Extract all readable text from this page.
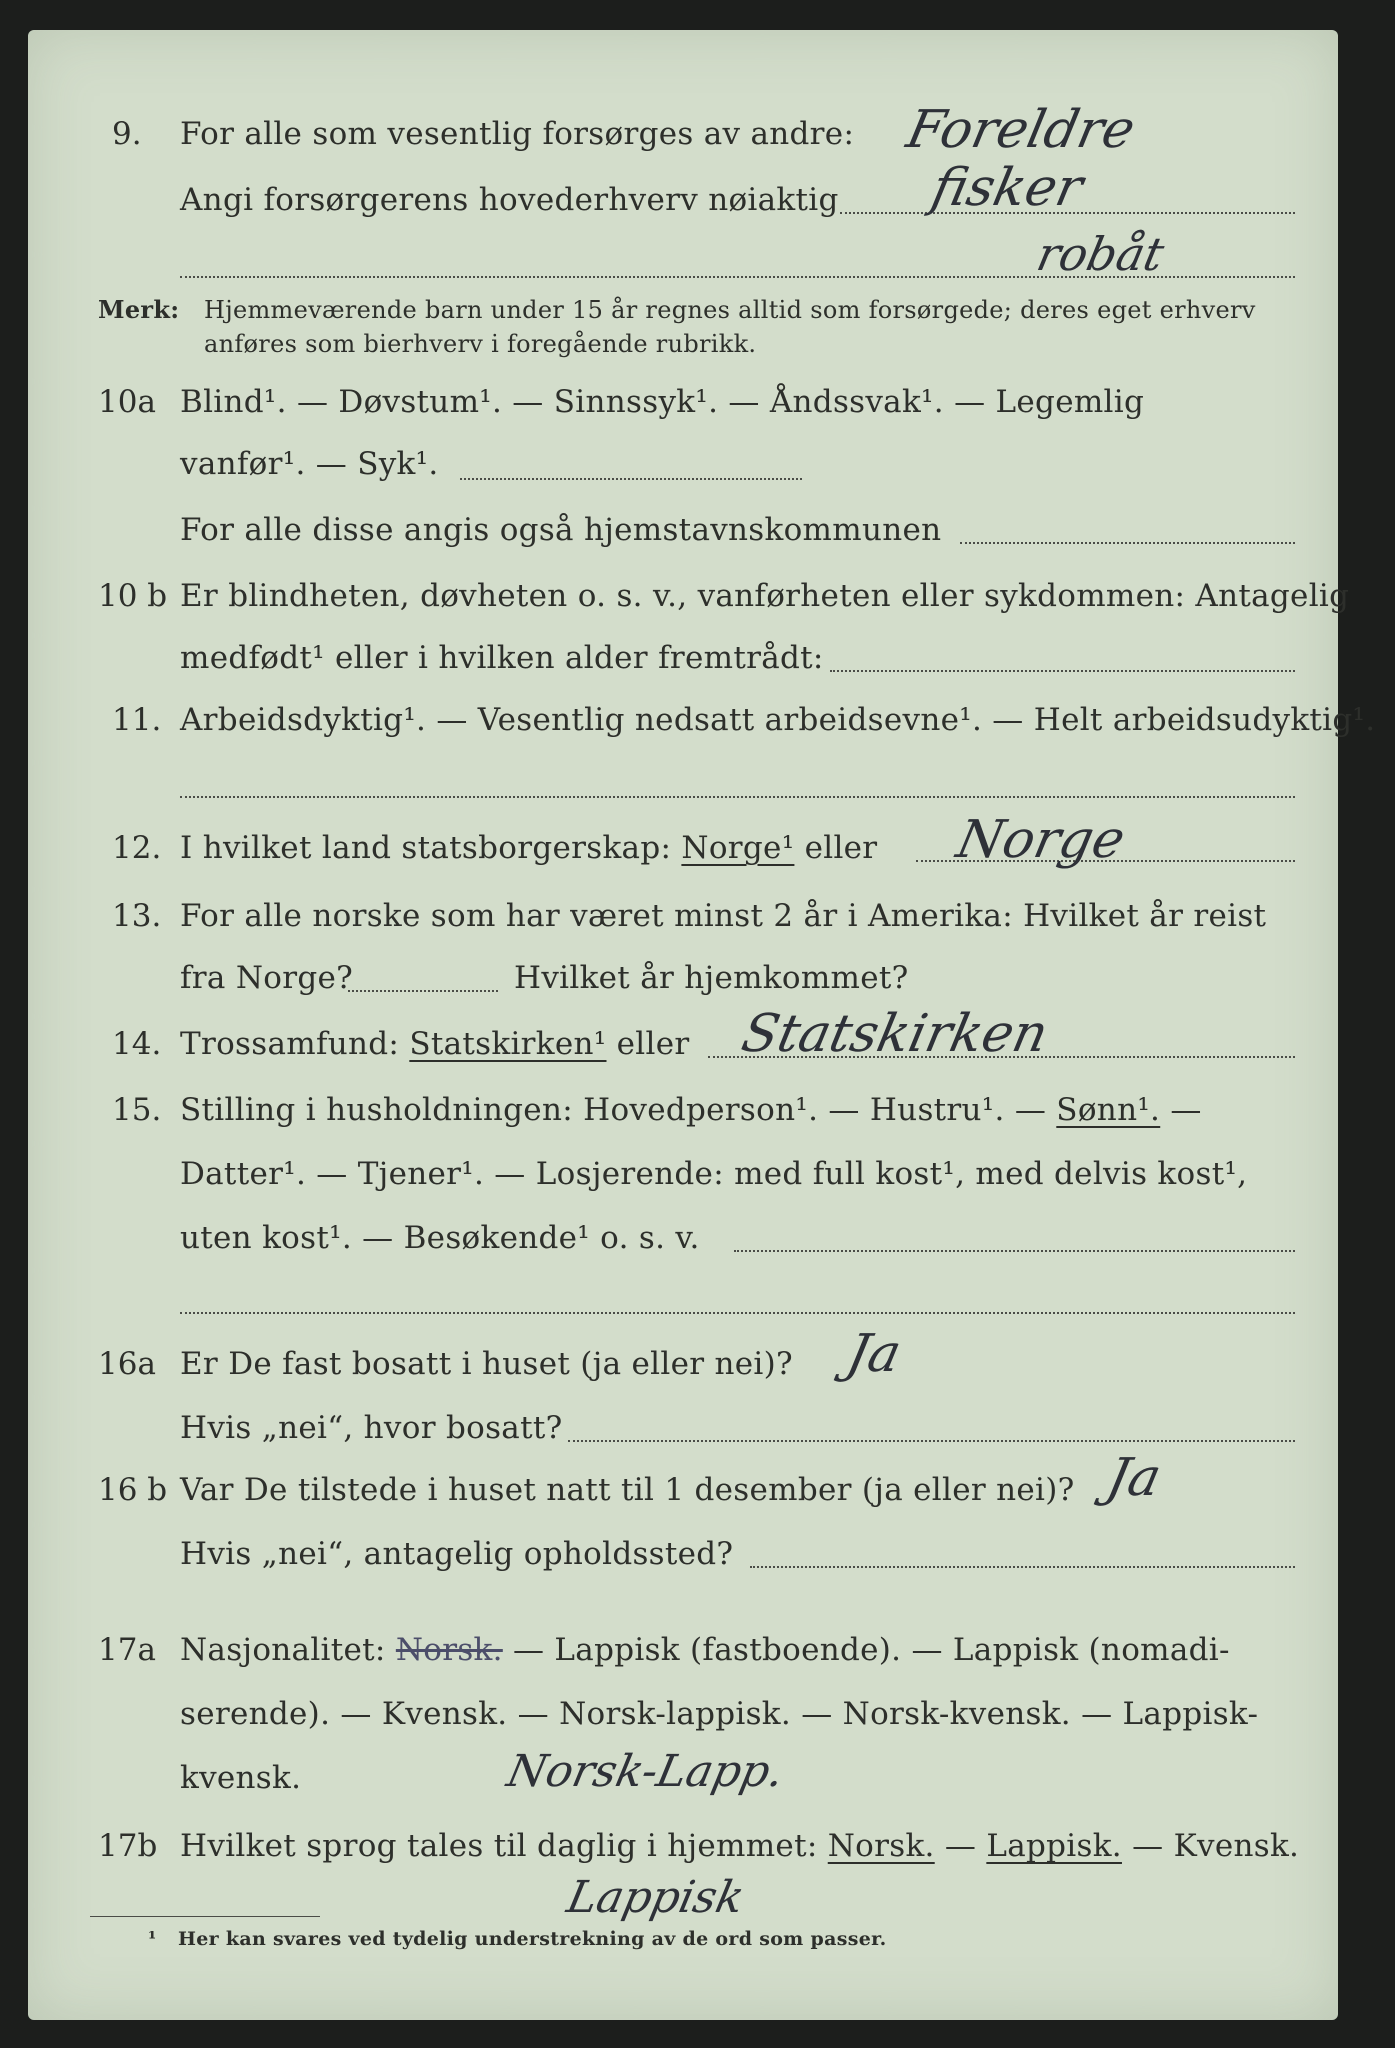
9. For alle som vesentlig forsørges av andre:
Angi forsørgerens hovederhverv nøiaktig
Foreldre
fisker
robåt
Merk: Hjemmeværende barn under 15 år regnes alltid som forsørgede; deres eget erhverv
anføres som bierhverv i foregående rubrikk.
10a Blind¹. — Døvstum¹. — Sinnssyk¹. — Åndssvak¹. — Legemlig
vanfør¹. — Syk¹.
For alle disse angis også hjemstavnskommunen
10 b Er blindheten, døvheten o. s. v., vanførheten eller sykdommen: Antagelig
medfødt¹ eller i hvilken alder fremtrådt:
11. Arbeidsdyktig¹. — Vesentlig nedsatt arbeidsevne¹. — Helt arbeidsudyktig¹.
12. I hvilket land statsborgerskap: Norge¹ eller Norge
13. For alle norske som har været minst 2 år i Amerika: Hvilket år reist
fra Norge?	Hvilket år hjemkommet?
14. Trossamfund: Statskirken¹ eller Statskirken
15. Stilling i husholdningen: Hovedperson¹. — Hustru¹. — Sønn¹. —
Datter¹. — Tjener¹. — Losjerende: med full kost¹, med delvis kost¹,
uten kost¹. — Besøkende¹ o. s. v.
16a Er De fast bosatt i huset (ja eller nei)? Ja
Hvis „nei“, hvor bosatt?
16 b Var De tilstede i huset natt til 1 desember (ja eller nei)? Ja
Hvis „nei“, antagelig opholdssted?
17a Nasjonalitet: Norsk. — Lappisk (fastboende). — Lappisk (nomadi-
serende). — Kvensk. — Norsk-lappisk. — Norsk-kvensk. — Lappisk-
kvensk.	Norsk-Lapp.
17b Hvilket sprog tales til daglig i hjemmet: Norsk. — Lappisk. — Kvensk.
Lappisk
¹ Her kan svares ved tydelig understrekning av de ord som passer.
